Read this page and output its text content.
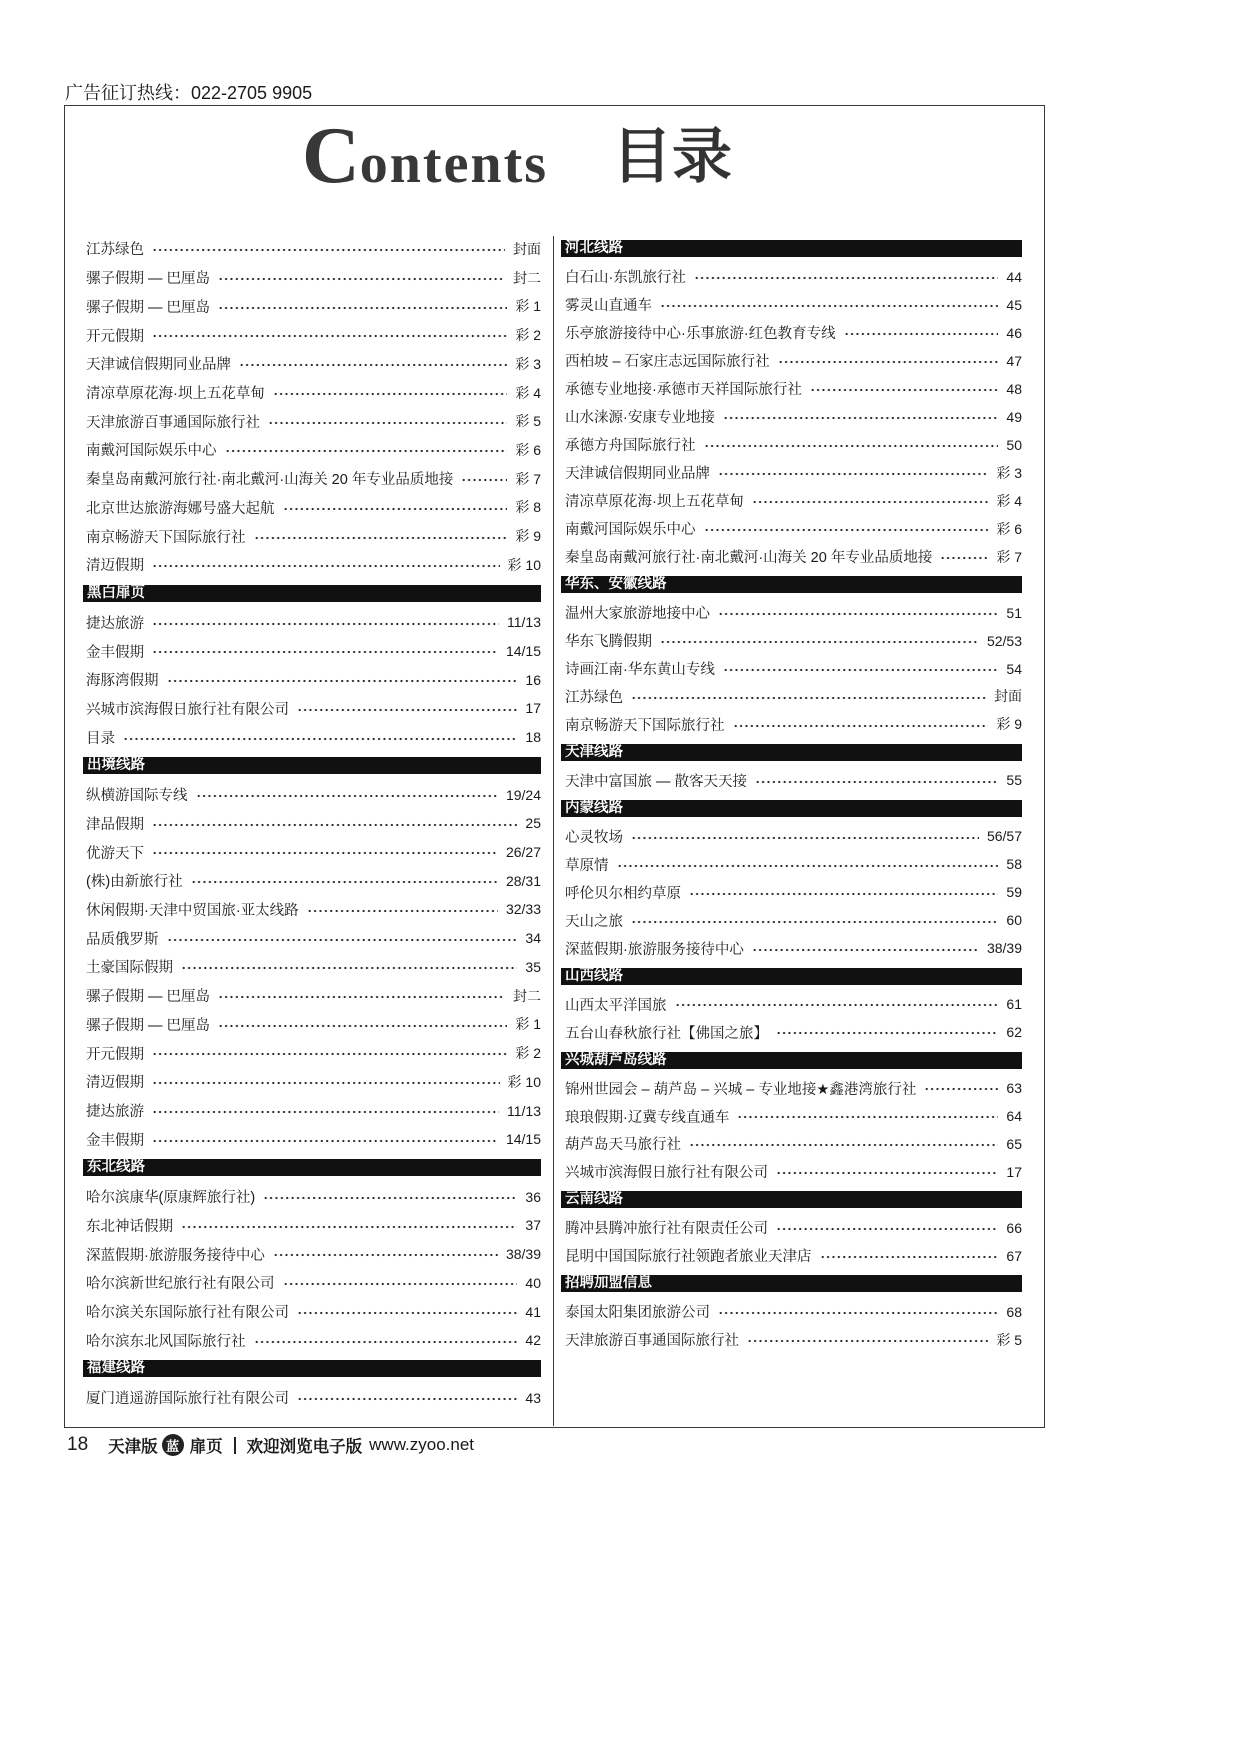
广告征订热线：022-2705 9905
C ontents 目录
江苏绿色	封面
骡子假期 — 巴厘岛	封二
骡子假期 — 巴厘岛	彩 1
开元假期	彩 2
天津诚信假期同业品牌	彩 3
清凉草原花海·坝上五花草甸	彩 4
天津旅游百事通国际旅行社	彩 5
南戴河国际娱乐中心	彩 6
秦皇岛南戴河旅行社·南北戴河·山海关 20 年专业品质地接	彩 7
北京世达旅游海娜号盛大起航	彩 8
南京畅游天下国际旅行社	彩 9
清迈假期	彩 10
黑白扉页
捷达旅游	11/13
金丰假期	14/15
海豚湾假期	16
兴城市滨海假日旅行社有限公司	17
目录	18
出境线路
纵横游国际专线	19/24
津品假期	25
优游天下	26/27
(株)由新旅行社	28/31
休闲假期·天津中贸国旅·亚太线路	32/33
品质俄罗斯	34
土豪国际假期	35
骡子假期 — 巴厘岛	封二
骡子假期 — 巴厘岛	彩 1
开元假期	彩 2
清迈假期	彩 10
捷达旅游	11/13
金丰假期	14/15
东北线路
哈尔滨康华(原康辉旅行社)	36
东北神话假期	37
深蓝假期·旅游服务接待中心	38/39
哈尔滨新世纪旅行社有限公司	40
哈尔滨关东国际旅行社有限公司	41
哈尔滨东北风国际旅行社	42
福建线路
厦门逍遥游国际旅行社有限公司	43
河北线路
白石山·东凯旅行社	44
雾灵山直通车	45
乐亭旅游接待中心·乐事旅游·红色教育专线	46
西柏坡 – 石家庄志远国际旅行社	47
承德专业地接·承德市天祥国际旅行社	48
山水涞源·安康专业地接	49
承德方舟国际旅行社	50
天津诚信假期同业品牌	彩 3
清凉草原花海·坝上五花草甸	彩 4
南戴河国际娱乐中心	彩 6
秦皇岛南戴河旅行社·南北戴河·山海关 20 年专业品质地接	彩 7
华东、安徽线路
温州大家旅游地接中心	51
华东飞腾假期	52/53
诗画江南·华东黄山专线	54
江苏绿色	封面
南京畅游天下国际旅行社	彩 9
天津线路
天津中富国旅 — 散客天天接	55
内蒙线路
心灵牧场	56/57
草原情	58
呼伦贝尔相约草原	59
天山之旅	60
深蓝假期·旅游服务接待中心	38/39
山西线路
山西太平洋国旅	61
五台山春秋旅行社【佛国之旅】	62
兴城葫芦岛线路
锦州世园会 – 葫芦岛 – 兴城 – 专业地接★鑫港湾旅行社	63
琅琅假期·辽冀专线直通车	64
葫芦岛天马旅行社	65
兴城市滨海假日旅行社有限公司	17
云南线路
腾冲县腾冲旅行社有限责任公司	66
昆明中国国际旅行社领跑者旅业天津店	67
招聘加盟信息
泰国太阳集团旅游公司	68
天津旅游百事通国际旅行社	彩 5
18 天津版 蓝 扉页 欢迎浏览电子版 www.zyoo.net
